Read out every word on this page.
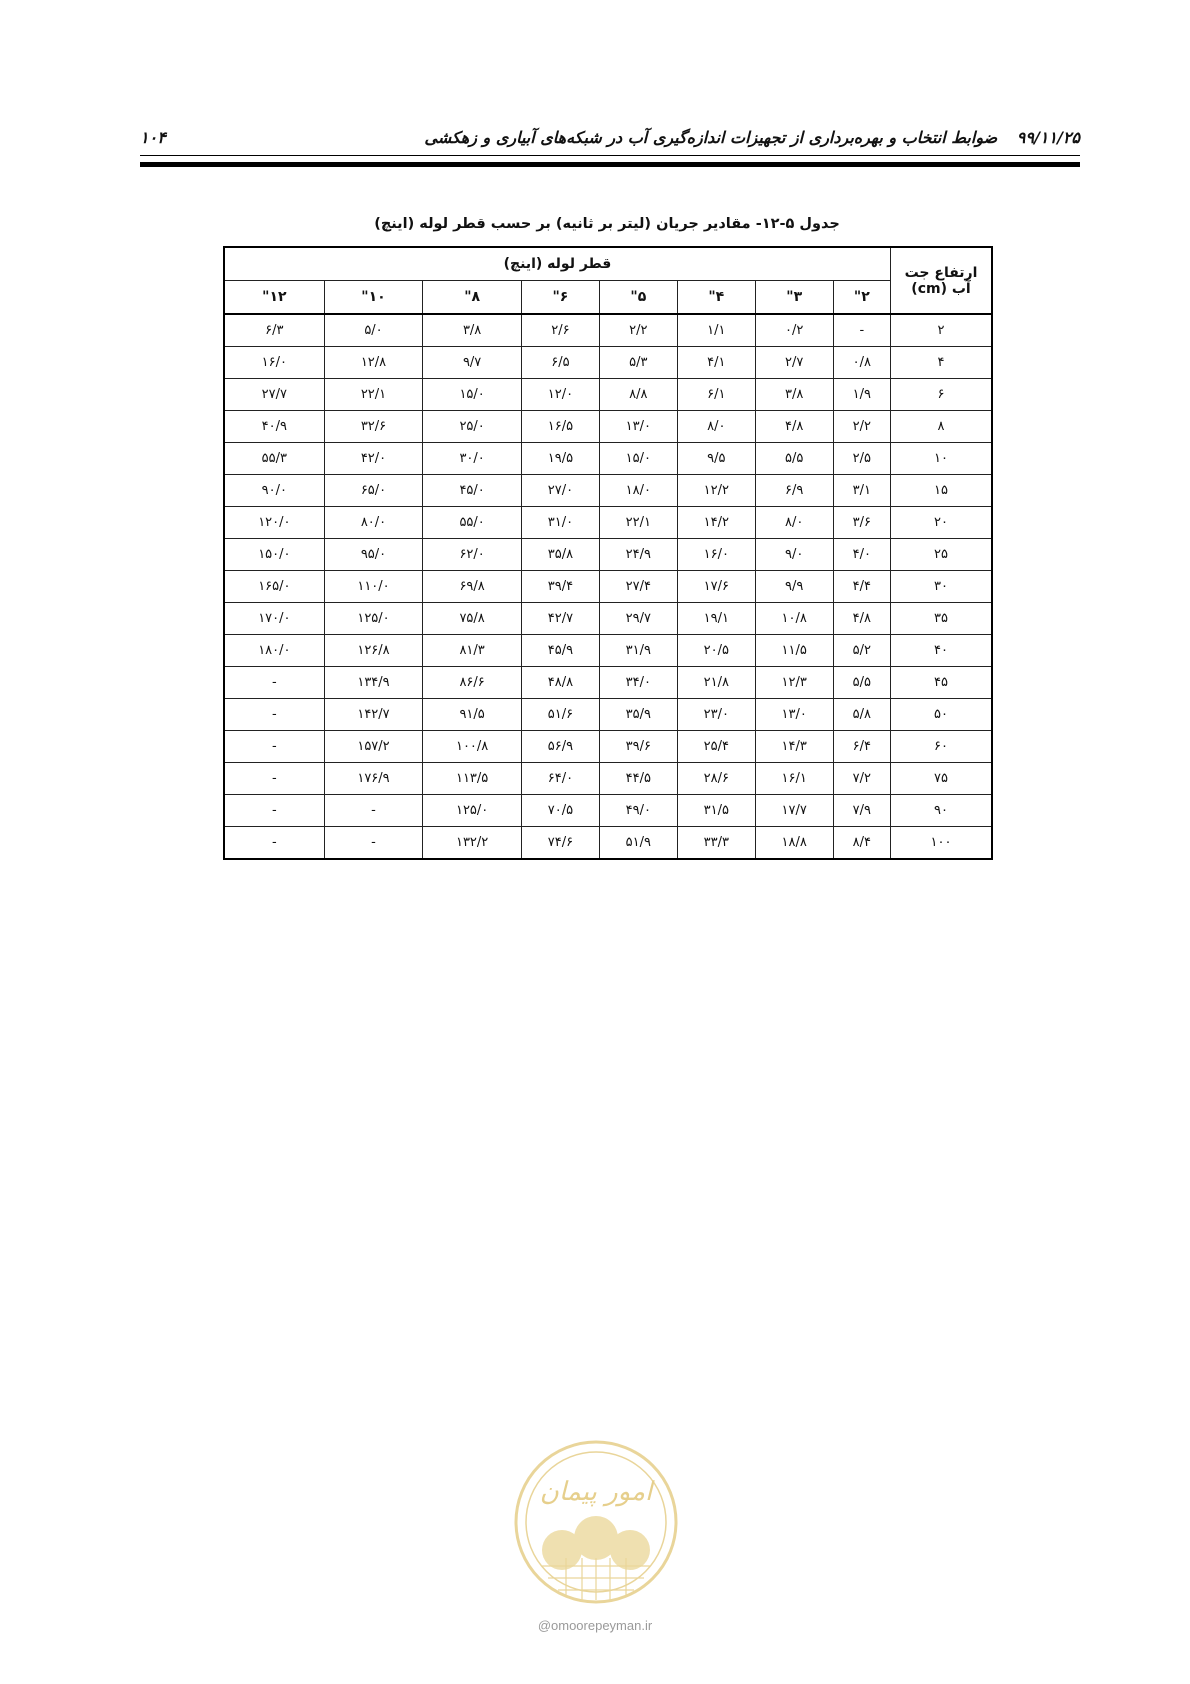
۹۹/۱۱/۲۵ ضوابط انتخاب و بهره‌برداری از تجهیزات اندازه‌گیری آب در شبکه‌های آبیاری و زهکشی
۱۰۴
جدول ۵-۱۲- مقادیر جریان (لیتر بر ثانیه) بر حسب قطر لوله (اینچ)
ارتفاع جت
آب (cm)	قطر لوله (اینچ)							
	۲"	۳"	۴"	۵"	۶"	۸"	۱۰"	۱۲"
۲	-	۰/۲	۱/۱	۲/۲	۲/۶	۳/۸	۵/۰	۶/۳
۴	۰/۸	۲/۷	۴/۱	۵/۳	۶/۵	۹/۷	۱۲/۸	۱۶/۰
۶	۱/۹	۳/۸	۶/۱	۸/۸	۱۲/۰	۱۵/۰	۲۲/۱	۲۷/۷
۸	۲/۲	۴/۸	۸/۰	۱۳/۰	۱۶/۵	۲۵/۰	۳۲/۶	۴۰/۹
۱۰	۲/۵	۵/۵	۹/۵	۱۵/۰	۱۹/۵	۳۰/۰	۴۲/۰	۵۵/۳
۱۵	۳/۱	۶/۹	۱۲/۲	۱۸/۰	۲۷/۰	۴۵/۰	۶۵/۰	۹۰/۰
۲۰	۳/۶	۸/۰	۱۴/۲	۲۲/۱	۳۱/۰	۵۵/۰	۸۰/۰	۱۲۰/۰
۲۵	۴/۰	۹/۰	۱۶/۰	۲۴/۹	۳۵/۸	۶۲/۰	۹۵/۰	۱۵۰/۰
۳۰	۴/۴	۹/۹	۱۷/۶	۲۷/۴	۳۹/۴	۶۹/۸	۱۱۰/۰	۱۶۵/۰
۳۵	۴/۸	۱۰/۸	۱۹/۱	۲۹/۷	۴۲/۷	۷۵/۸	۱۲۵/۰	۱۷۰/۰
۴۰	۵/۲	۱۱/۵	۲۰/۵	۳۱/۹	۴۵/۹	۸۱/۳	۱۲۶/۸	۱۸۰/۰
۴۵	۵/۵	۱۲/۳	۲۱/۸	۳۴/۰	۴۸/۸	۸۶/۶	۱۳۴/۹	-
۵۰	۵/۸	۱۳/۰	۲۳/۰	۳۵/۹	۵۱/۶	۹۱/۵	۱۴۲/۷	-
۶۰	۶/۴	۱۴/۳	۲۵/۴	۳۹/۶	۵۶/۹	۱۰۰/۸	۱۵۷/۲	-
۷۵	۷/۲	۱۶/۱	۲۸/۶	۴۴/۵	۶۴/۰	۱۱۳/۵	۱۷۶/۹	-
۹۰	۷/۹	۱۷/۷	۳۱/۵	۴۹/۰	۷۰/۵	۱۲۵/۰	-	-
۱۰۰	۸/۴	۱۸/۸	۳۳/۳	۵۱/۹	۷۴/۶	۱۳۲/۲	-	-
امور پیمان
@omoorepeyman.ir
